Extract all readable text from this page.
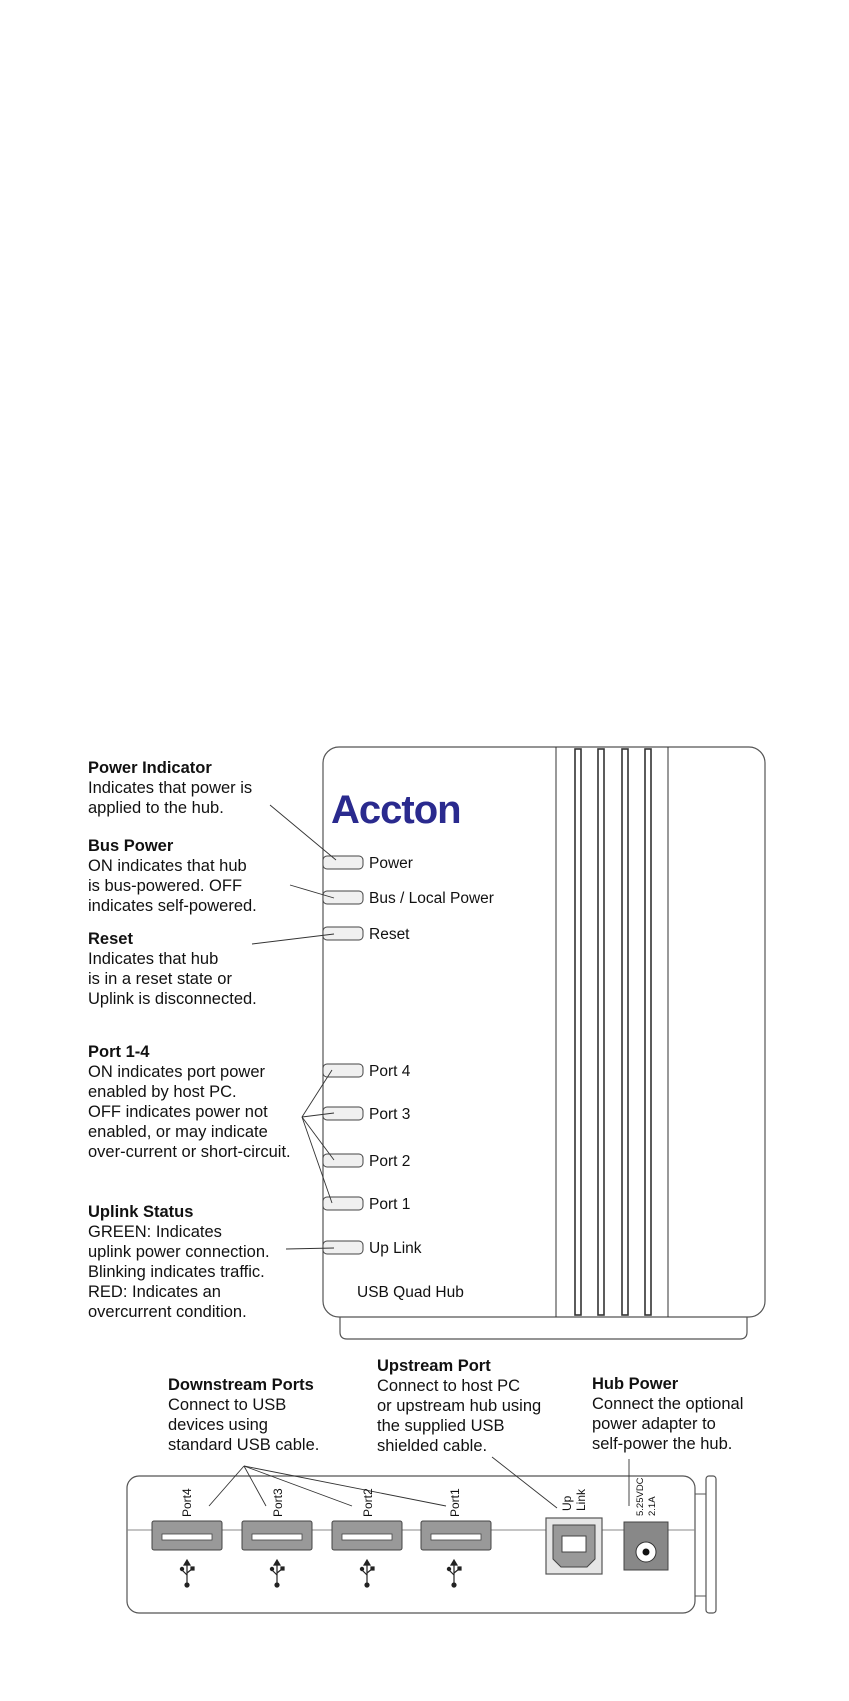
Accton
Power
Bus / Local Power
Reset
Port 4
Port 3
Port 2
Port 1
Up Link
USB Quad Hub
Power Indicator
Indicates that power is
applied to the hub.
Bus Power
ON indicates that hub
is bus-powered. OFF
indicates self-powered.
Reset
Indicates that hub
is in a reset state or
Uplink is disconnected.
Port 1-4
ON indicates port power
enabled by host PC.
OFF indicates power not
enabled, or may indicate
over-current or short-circuit.
Uplink Status
GREEN: Indicates
uplink power connection.
Blinking indicates traffic.
RED: Indicates an
overcurrent condition.
Downstream Ports
Connect to USB
devices using
standard USB cable.
Upstream Port
Connect to host PC
or upstream hub using
the supplied USB
shielded cable.
Hub Power
Connect the optional
power adapter to
self-power the hub.
Port4	Port3	Port2	Port1	Up Link	5.25VDC 2.1A
